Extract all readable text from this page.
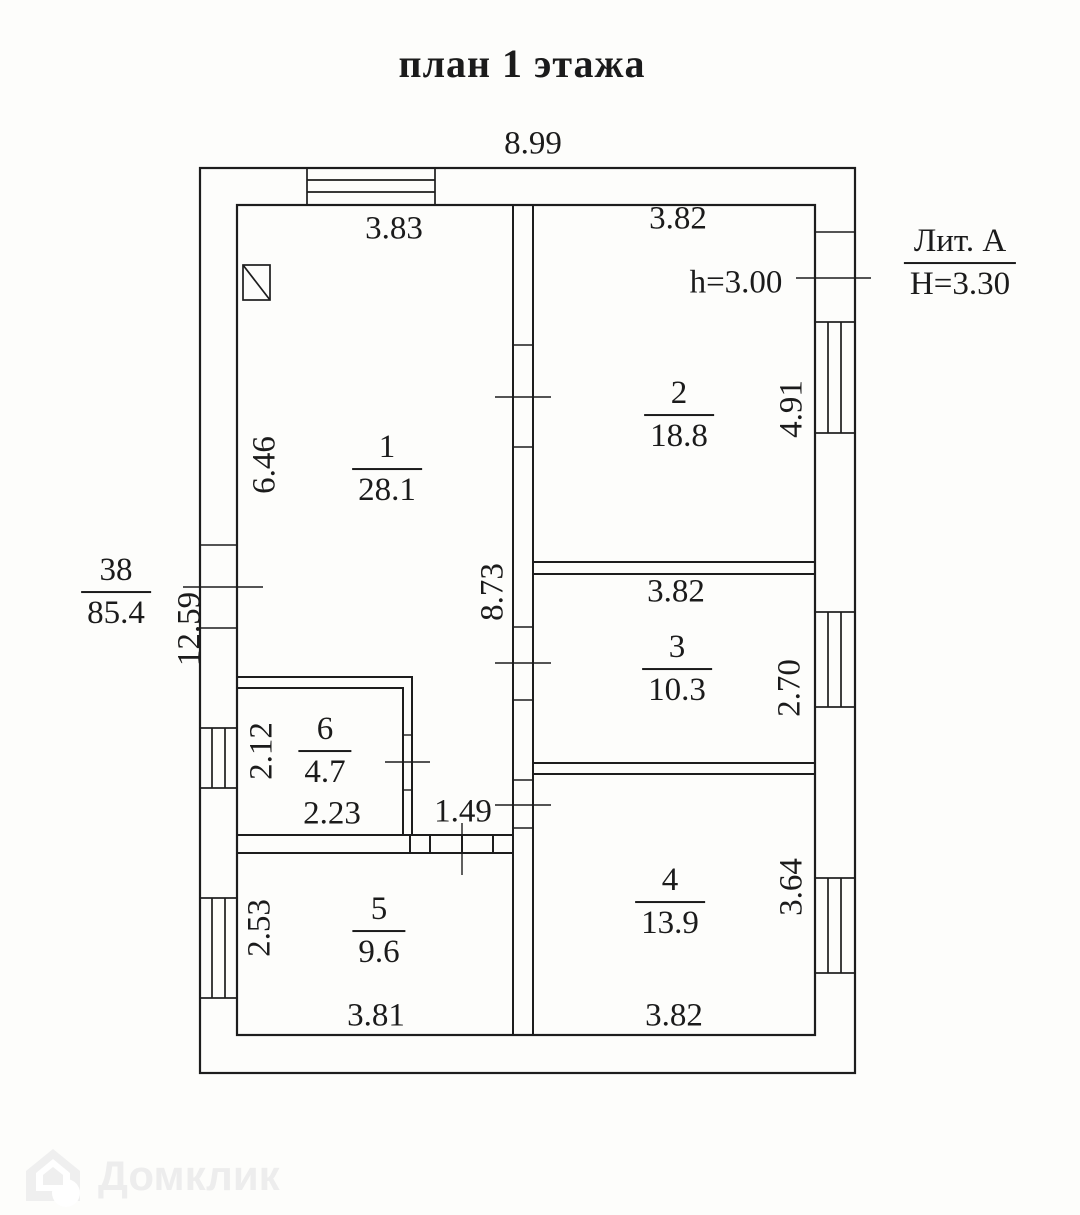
план 1 этажа
8.99
3.83	3.82
h=3.00
Лит. А
H=3.30
$6.46 \frac{1}{28.1}$
$\frac{2}{18.8} 4.91$
8.73
$\frac{38}{85.4} 12.59$
3.82
$\frac{3}{10.3} 2.70$
$\frac{6}{4.7}$
2.12
2.23 1.49
$\frac{4}{13.9} 3.64$
$\frac{5}{9.6}$
2.53
3.81	3.82
Домклик
